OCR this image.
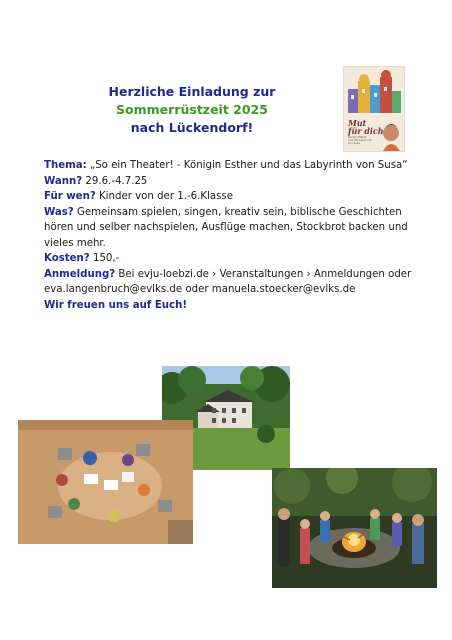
Herzliche Einladung zur
Sommerrüstzeit 2025
nach Lückendorf!	Mut
für dich
Königin Esther
und das Labyrinth
von Susa

Thema: „So ein Theater! - Königin Esther und das Labyrinth von Susa“

Wann? 29.6.-4.7.25

Für wen? Kinder von der 1.-6.Klasse

Was? Gemeinsam spielen, singen, kreativ sein, biblische Geschichten hören und selber nachspielen, Ausflüge machen, Stockbrot backen und vieles mehr.

Kosten? 150,-

Anmeldung? Bei evju-loebzi.de › Veranstaltungen › Anmeldungen oder eva.langenbruch@evlks.de oder manuela.stoecker@evlks.de

Wir freuen uns auf Euch!
